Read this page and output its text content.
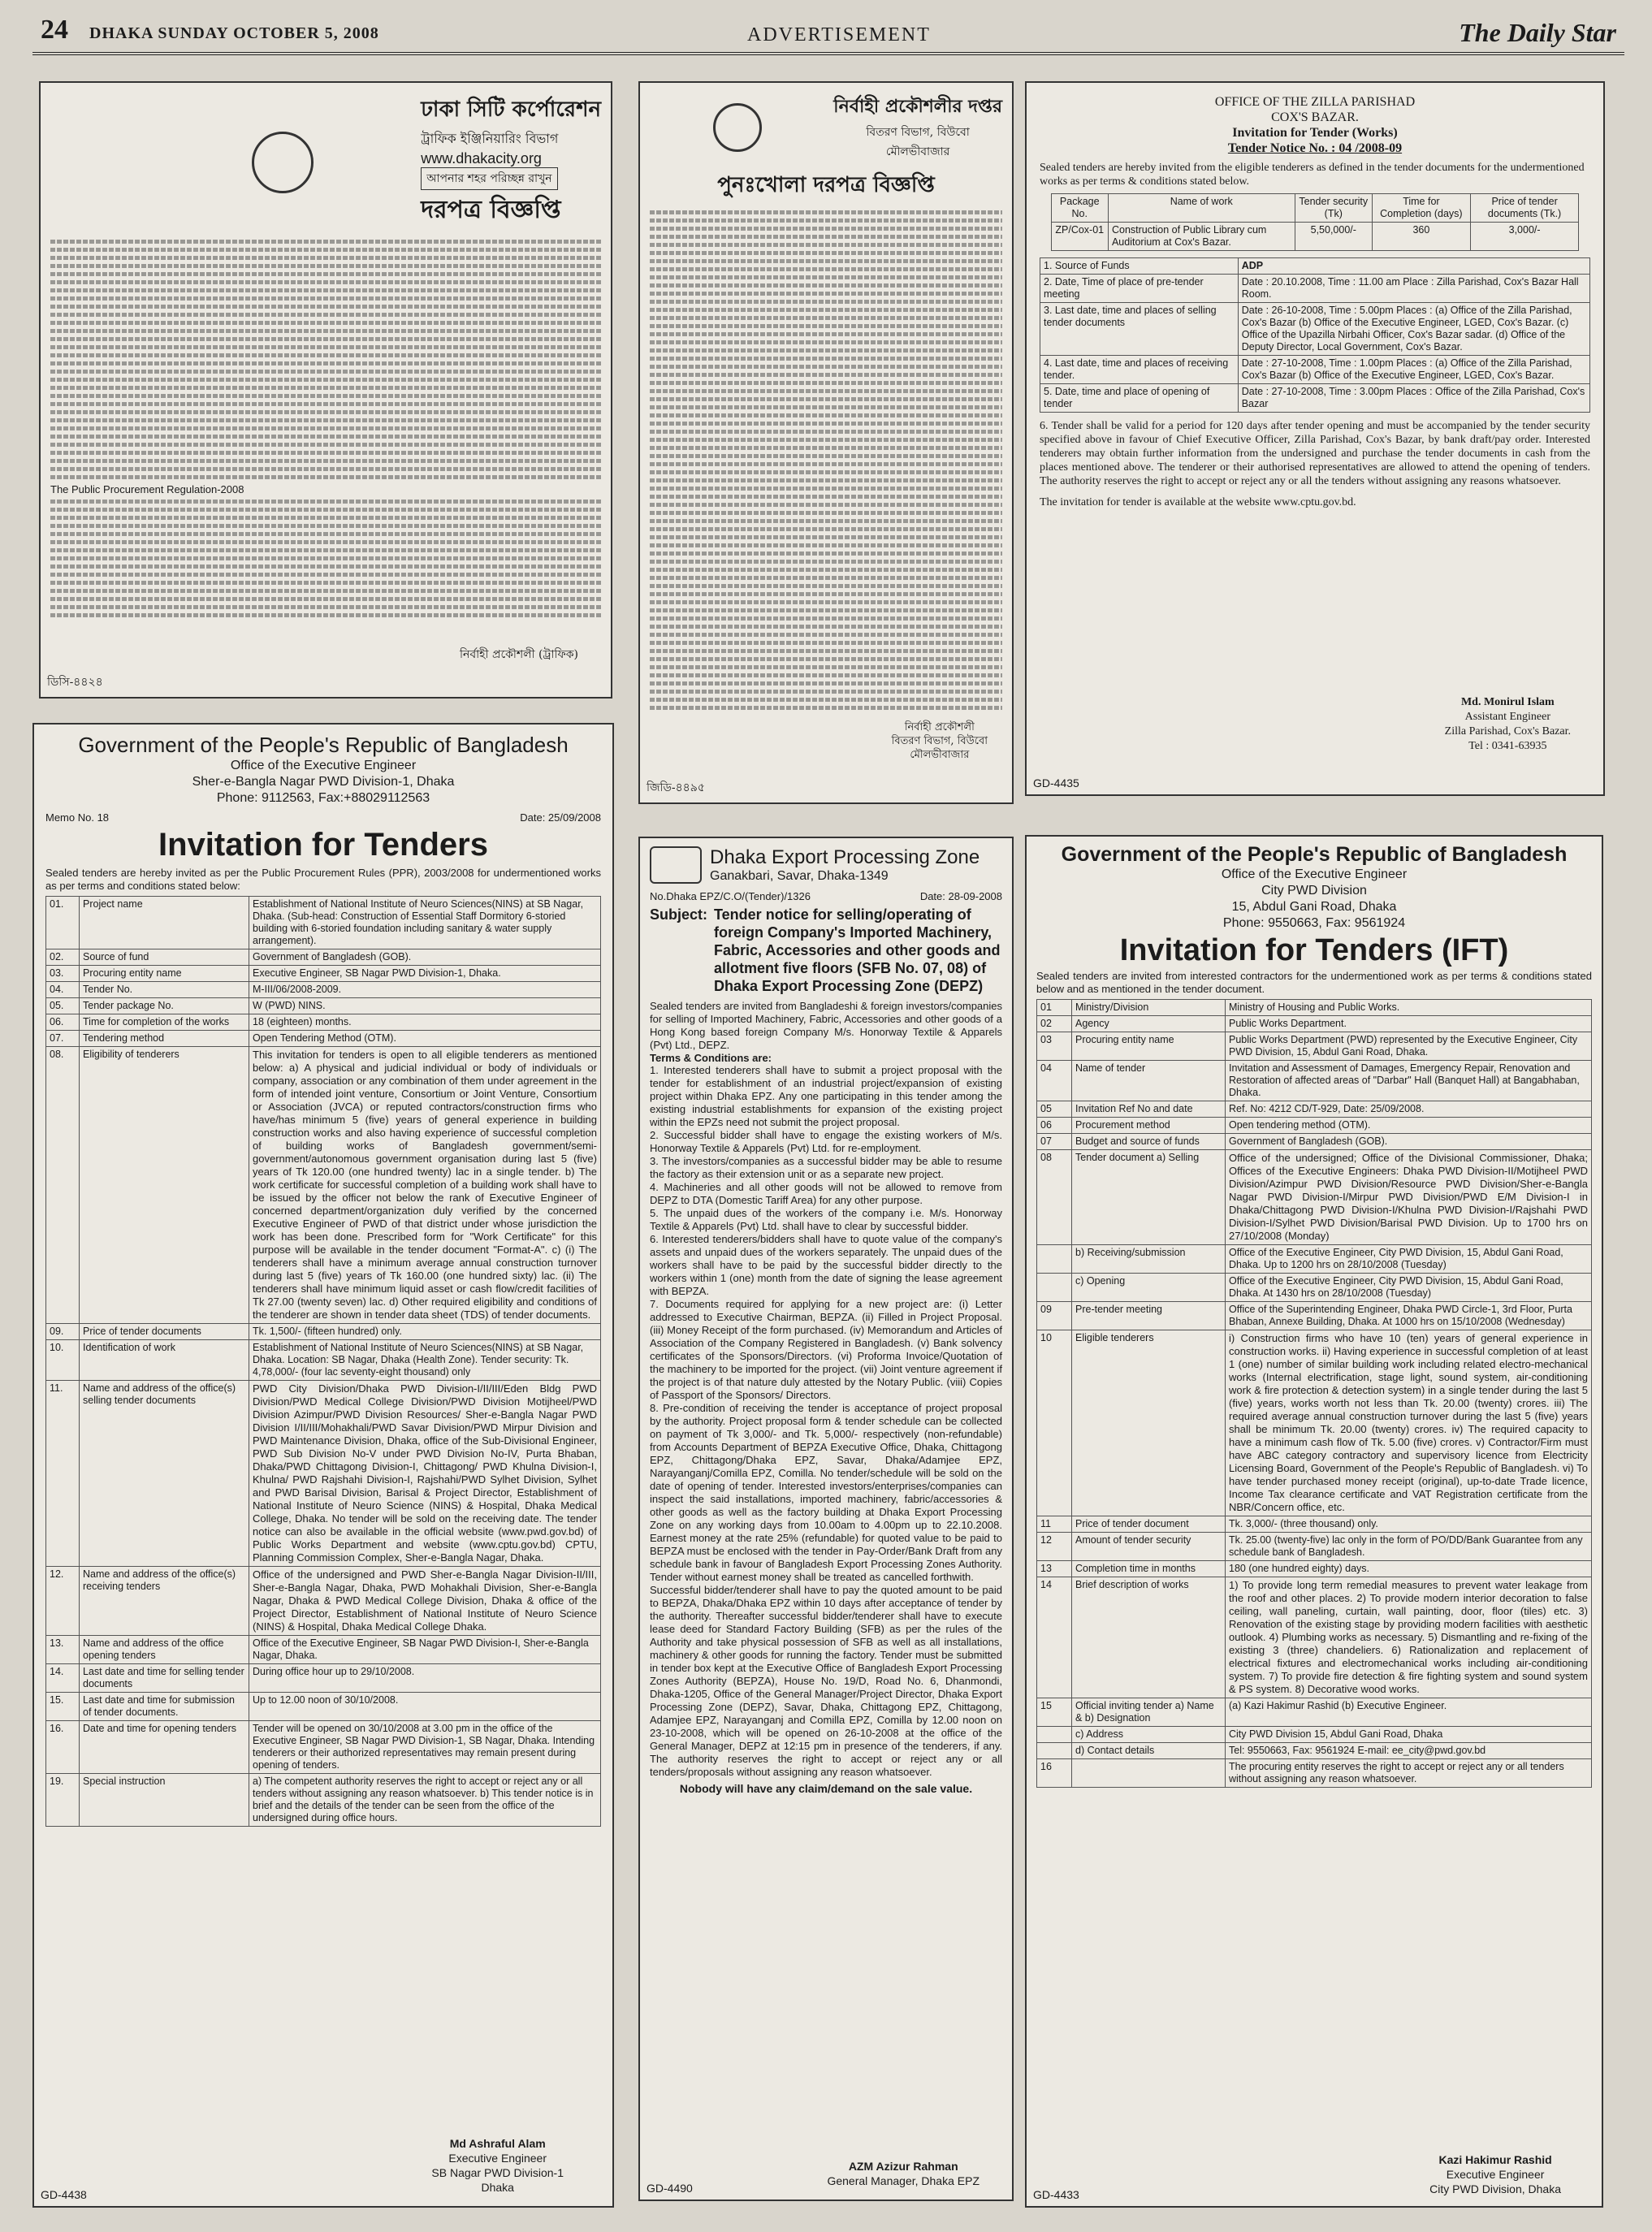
24 DHAKA SUNDAY OCTOBER 5, 2008	ADVERTISEMENT	The Daily Star
ঢাকা সিটি কর্পোরেশন
ট্রাফিক ইঞ্জিনিয়ারিং বিভাগ
www.dhakacity.org
আপনার শহর পরিচ্ছন্ন রাখুন
দরপত্র বিজ্ঞপ্তি
The Public Procurement Regulation-2008
নির্বাহী প্রকৌশলী (ট্রাফিক)
ডিসি-৪৪২৪
নির্বাহী প্রকৌশলীর দপ্তর
বিতরণ বিভাগ, বিউবো
মৌলভীবাজার
পুনঃখোলা দরপত্র বিজ্ঞপ্তি
নির্বাহী প্রকৌশলী
বিতরণ বিভাগ, বিউবো
মৌলভীবাজার
জিডি-৪৪৯৫
OFFICE OF THE ZILLA PARISHAD
COX'S BAZAR.
Invitation for Tender (Works)
Tender Notice No. : 04 /2008-09
Sealed tenders are hereby invited from the eligible tenderers as defined in the tender documents for the undermentioned works as per terms & conditions stated below.
Package No.	Name of work	Tender security (Tk)	Time for Completion (days)	Price of tender documents (Tk.)
ZP/Cox-01	Construction of Public Library cum Auditorium at Cox's Bazar.	5,50,000/-	360	3,000/-
1. Source of Funds	ADP
2. Date, Time of place of pre-tender meeting	Date : 20.10.2008, Time : 11.00 am Place : Zilla Parishad, Cox's Bazar Hall Room.
3. Last date, time and places of selling tender documents	Date : 26-10-2008, Time : 5.00pm Places : (a) Office of the Zilla Parishad, Cox's Bazar (b) Office of the Executive Engineer, LGED, Cox's Bazar. (c) Office of the Upazilla Nirbahi Officer, Cox's Bazar sadar. (d) Office of the Deputy Director, Local Government, Cox's Bazar.
4. Last date, time and places of receiving tender.	Date : 27-10-2008, Time : 1.00pm Places : (a) Office of the Zilla Parishad, Cox's Bazar (b) Office of the Executive Engineer, LGED, Cox's Bazar.
5. Date, time and place of opening of tender	Date : 27-10-2008, Time : 3.00pm Places : Office of the Zilla Parishad, Cox's Bazar
6. Tender shall be valid for a period for 120 days after tender opening and must be accompanied by the tender security specified above in favour of Chief Executive Officer, Zilla Parishad, Cox's Bazar, by bank draft/pay order. Interested tenderers may obtain further information from the undersigned and purchase the tender documents in cash from the places mentioned above. The tenderer or their authorised representatives are allowed to attend the opening of tenders. The authority reserves the right to accept or reject any or all the tenders without assigning any reasons whatsoever.
The invitation for tender is available at the website www.cptu.gov.bd.
Md. Monirul Islam
Assistant Engineer
Zilla Parishad, Cox's Bazar.
Tel : 0341-63935
GD-4435
Government of the People's Republic of Bangladesh
Office of the Executive Engineer
Sher-e-Bangla Nagar PWD Division-1, Dhaka
Phone: 9112563, Fax:+88029112563
Memo No. 18	Date: 25/09/2008
Invitation for Tenders
Sealed tenders are hereby invited as per the Public Procurement Rules (PPR), 2003/2008 for undermentioned works as per terms and conditions stated below:
01.	Project name	Establishment of National Institute of Neuro Sciences(NINS) at SB Nagar, Dhaka. (Sub-head: Construction of Essential Staff Dormitory 6-storied building with 6-storied foundation including sanitary & water supply arrangement).
02.	Source of fund	Government of Bangladesh (GOB).
03.	Procuring entity name	Executive Engineer, SB Nagar PWD Division-1, Dhaka.
04.	Tender No.	M-III/06/2008-2009.
05.	Tender package No.	W (PWD) NINS.
06.	Time for completion of the works	18 (eighteen) months.
07.	Tendering method	Open Tendering Method (OTM).
08.	Eligibility of tenderers	This invitation for tenders is open to all eligible tenderers as mentioned below: a) A physical and judicial individual or body of individuals or company, association or any combination of them under agreement in the form of intended joint venture, Consortium or Joint Venture, Consortium or Association (JVCA) or reputed contractors/construction firms who have/has minimum 5 (five) years of general experience in building construction works and also having experience of successful completion of building works of Bangladesh government/semi-government/autonomous government organisation during last 5 (five) years of Tk 120.00 (one hundred twenty) lac in a single tender. b) The work certificate for successful completion of a building work shall have to be issued by the officer not below the rank of Executive Engineer of concerned department/organization duly verified by the concerned Executive Engineer of PWD of that district under whose jurisdiction the work has been done. Prescribed form for "Work Certificate" for this purpose will be available in the tender document "Format-A". c) (i) The tenderers shall have a minimum average annual construction turnover during last 5 (five) years of Tk 160.00 (one hundred sixty) lac. (ii) The tenderers shall have minimum liquid asset or cash flow/credit facilities of Tk 27.00 (twenty seven) lac. d) Other required eligibility and conditions of the tenderer are shown in tender data sheet (TDS) of tender documents.
09.	Price of tender documents	Tk. 1,500/- (fifteen hundred) only.
10.	Identification of work	Establishment of National Institute of Neuro Sciences(NINS) at SB Nagar, Dhaka. Location: SB Nagar, Dhaka (Health Zone). Tender security: Tk. 4,78,000/- (four lac seventy-eight thousand) only
11.	Name and address of the office(s) selling tender documents	PWD City Division/Dhaka PWD Division-I/II/III/Eden Bldg PWD Division/PWD Medical College Division/PWD Division Motijheel/PWD Division Azimpur/PWD Division Resources/ Sher-e-Bangla Nagar PWD Division I/II/III/Mohakhali/PWD Savar Division/PWD Mirpur Division and PWD Maintenance Division, Dhaka, office of the Sub-Divisional Engineer, PWD Sub Division No-V under PWD Division No-IV, Purta Bhaban, Dhaka/PWD Chittagong Division-I, Chittagong/ PWD Khulna Division-I, Khulna/ PWD Rajshahi Division-I, Rajshahi/PWD Sylhet Division, Sylhet and PWD Barisal Division, Barisal & Project Director, Establishment of National Institute of Neuro Science (NINS) & Hospital, Dhaka Medical College, Dhaka. No tender will be sold on the receiving date. The tender notice can also be available in the official website (www.pwd.gov.bd) of Public Works Department and website (www.cptu.gov.bd) CPTU, Planning Commission Complex, Sher-e-Bangla Nagar, Dhaka.
12.	Name and address of the office(s) receiving tenders	Office of the undersigned and PWD Sher-e-Bangla Nagar Division-II/III, Sher-e-Bangla Nagar, Dhaka, PWD Mohakhali Division, Sher-e-Bangla Nagar, Dhaka & PWD Medical College Division, Dhaka & office of the Project Director, Establishment of National Institute of Neuro Science (NINS) & Hospital, Dhaka Medical College Dhaka.
13.	Name and address of the office opening tenders	Office of the Executive Engineer, SB Nagar PWD Division-I, Sher-e-Bangla Nagar, Dhaka.
14.	Last date and time for selling tender documents	During office hour up to 29/10/2008.
15.	Last date and time for submission of tender documents.	Up to 12.00 noon of 30/10/2008.
16.	Date and time for opening tenders	Tender will be opened on 30/10/2008 at 3.00 pm in the office of the Executive Engineer, SB Nagar PWD Division-1, SB Nagar, Dhaka. Intending tenderers or their authorized representatives may remain present during opening of tenders.
19.	Special instruction	a) The competent authority reserves the right to accept or reject any or all tenders without assigning any reason whatsoever. b) This tender notice is in brief and the details of the tender can be seen from the office of the undersigned during office hours.
Md Ashraful Alam
Executive Engineer
SB Nagar PWD Division-1
Dhaka
GD-4438
Dhaka Export Processing Zone
Ganakbari, Savar, Dhaka-1349
No.Dhaka EPZ/C.O/(Tender)/1326	Date: 28-09-2008
Subject: Tender notice for selling/operating of foreign Company's Imported Machinery, Fabric, Accessories and other goods and allotment five floors (SFB No. 07, 08) of Dhaka Export Processing Zone (DEPZ)
Sealed tenders are invited from Bangladeshi & foreign investors/companies for selling of Imported Machinery, Fabric, Accessories and other goods of a Hong Kong based foreign Company M/s. Honorway Textile & Apparels (Pvt) Ltd., DEPZ.
Terms & Conditions are:
1. Interested tenderers shall have to submit a project proposal with the tender for establishment of an industrial project/expansion of existing project within Dhaka EPZ. Any one participating in this tender among the existing industrial establishments for expansion of the existing project within the EPZs need not submit the project proposal.
2. Successful bidder shall have to engage the existing workers of M/s. Honorway Textile & Apparels (Pvt) Ltd. for re-employment.
3. The investors/companies as a successful bidder may be able to resume the factory as their extension unit or as a separate new project.
4. Machineries and all other goods will not be allowed to remove from DEPZ to DTA (Domestic Tariff Area) for any other purpose.
5. The unpaid dues of the workers of the company i.e. M/s. Honorway Textile & Apparels (Pvt) Ltd. shall have to clear by successful bidder.
6. Interested tenderers/bidders shall have to quote value of the company's assets and unpaid dues of the workers separately. The unpaid dues of the workers shall have to be paid by the successful bidder directly to the workers within 1 (one) month from the date of signing the lease agreement with BEPZA.
7. Documents required for applying for a new project are: (i) Letter addressed to Executive Chairman, BEPZA. (ii) Filled in Project Proposal. (iii) Money Receipt of the form purchased. (iv) Memorandum and Articles of Association of the Company Registered in Bangladesh. (v) Bank solvency certificates of the Sponsors/Directors. (vi) Proforma Invoice/Quotation of the machinery to be imported for the project. (vii) Joint venture agreement if the project is of that nature duly attested by the Notary Public. (viii) Copies of Passport of the Sponsors/ Directors.
8. Pre-condition of receiving the tender is acceptance of project proposal by the authority. Project proposal form & tender schedule can be collected on payment of Tk 3,000/- and Tk. 5,000/- respectively (non-refundable) from Accounts Department of BEPZA Executive Office, Dhaka, Chittagong EPZ, Chittagong/Dhaka EPZ, Savar, Dhaka/Adamjee EPZ, Narayanganj/Comilla EPZ, Comilla. No tender/schedule will be sold on the date of opening of tender. Interested investors/enterprises/companies can inspect the said installations, imported machinery, fabric/accessories & other goods as well as the factory building at Dhaka Export Processing Zone on any working days from 10.00am to 4.00pm up to 22.10.2008. Earnest money at the rate 25% (refundable) for quoted value to be paid to BEPZA must be enclosed with the tender in Pay-Order/Bank Draft from any schedule bank in favour of Bangladesh Export Processing Zones Authority. Tender without earnest money shall be treated as cancelled forthwith.
Successful bidder/tenderer shall have to pay the quoted amount to be paid to BEPZA, Dhaka/Dhaka EPZ within 10 days after acceptance of tender by the authority. Thereafter successful bidder/tenderer shall have to execute lease deed for Standard Factory Building (SFB) as per the rules of the Authority and take physical possession of SFB as well as all installations, machinery & other goods for running the factory. Tender must be submitted in tender box kept at the Executive Office of Bangladesh Export Processing Zones Authority (BEPZA), House No. 19/D, Road No. 6, Dhanmondi, Dhaka-1205, Office of the General Manager/Project Director, Dhaka Export Processing Zone (DEPZ), Savar, Dhaka, Chittagong EPZ, Chittagong, Adamjee EPZ, Narayanganj and Comilla EPZ, Comilla by 12.00 noon on 23-10-2008, which will be opened on 26-10-2008 at the office of the General Manager, DEPZ at 12:15 pm in presence of the tenderers, if any. The authority reserves the right to accept or reject any or all tenders/proposals without assigning any reason whatsoever.
Nobody will have any claim/demand on the sale value.
AZM Azizur Rahman
General Manager, Dhaka EPZ
GD-4490
Government of the People's Republic of Bangladesh
Office of the Executive Engineer
City PWD Division
15, Abdul Gani Road, Dhaka
Phone: 9550663, Fax: 9561924
Invitation for Tenders (IFT)
Sealed tenders are invited from interested contractors for the undermentioned work as per terms & conditions stated below and as mentioned in the tender document.
01	Ministry/Division	Ministry of Housing and Public Works.
02	Agency	Public Works Department.
03	Procuring entity name	Public Works Department (PWD) represented by the Executive Engineer, City PWD Division, 15, Abdul Gani Road, Dhaka.
04	Name of tender	Invitation and Assessment of Damages, Emergency Repair, Renovation and Restoration of affected areas of "Darbar" Hall (Banquet Hall) at Bangabhaban, Dhaka.
05	Invitation Ref No and date	Ref. No: 4212 CD/T-929, Date: 25/09/2008.
06	Procurement method	Open tendering method (OTM).
07	Budget and source of funds	Government of Bangladesh (GOB).
08	Tender document a) Selling	Office of the undersigned; Office of the Divisional Commissioner, Dhaka; Offices of the Executive Engineers: Dhaka PWD Division-II/Motijheel PWD Division/Azimpur PWD Division/Resource PWD Division/Sher-e-Bangla Nagar PWD Division-I/Mirpur PWD Division/PWD E/M Division-I in Dhaka/Chittagong PWD Division-I/Khulna PWD Division-I/Rajshahi PWD Division-I/Sylhet PWD Division/Barisal PWD Division. Up to 1700 hrs on 27/10/2008 (Monday)
	b) Receiving/submission	Office of the Executive Engineer, City PWD Division, 15, Abdul Gani Road, Dhaka. Up to 1200 hrs on 28/10/2008 (Tuesday)
	c) Opening	Office of the Executive Engineer, City PWD Division, 15, Abdul Gani Road, Dhaka. At 1430 hrs on 28/10/2008 (Tuesday)
09	Pre-tender meeting	Office of the Superintending Engineer, Dhaka PWD Circle-1, 3rd Floor, Purta Bhaban, Annexe Building, Dhaka. At 1000 hrs on 15/10/2008 (Wednesday)
10	Eligible tenderers	i) Construction firms who have 10 (ten) years of general experience in construction works. ii) Having experience in successful completion of at least 1 (one) number of similar building work including related electro-mechanical works (Internal electrification, stage light, sound system, air-conditioning work & fire protection & detection system) in a single tender during the last 5 (five) years, works worth not less than Tk. 20.00 (twenty) crores. iii) The required average annual construction turnover during the last 5 (five) years shall be minimum Tk. 20.00 (twenty) crores. iv) The required capacity to have a minimum cash flow of Tk. 5.00 (five) crores. v) Contractor/Firm must have ABC category contractory and supervisory licence from Electricity Licensing Board, Government of the People's Republic of Bangladesh. vi) To have tender purchased money receipt (original), up-to-date Trade licence, Income Tax clearance certificate and VAT Registration certificate from the NBR/Concern office, etc.
11	Price of tender document	Tk. 3,000/- (three thousand) only.
12	Amount of tender security	Tk. 25.00 (twenty-five) lac only in the form of PO/DD/Bank Guarantee from any schedule bank of Bangladesh.
13	Completion time in months	180 (one hundred eighty) days.
14	Brief description of works	1) To provide long term remedial measures to prevent water leakage from the roof and other places. 2) To provide modern interior decoration to false ceiling, wall paneling, curtain, wall painting, door, floor (tiles) etc. 3) Renovation of the existing stage by providing modern facilities with aesthetic outlook. 4) Plumbing works as necessary. 5) Dismantling and re-fixing of the existing 3 (three) chandeliers. 6) Rationalization and replacement of electrical fixtures and electromechanical works including air-conditioning system. 7) To provide fire detection & fire fighting system and sound system & PS system. 8) Decorative wood works.
15	Official inviting tender a) Name & b) Designation	(a) Kazi Hakimur Rashid (b) Executive Engineer.
	c) Address	City PWD Division 15, Abdul Gani Road, Dhaka
	d) Contact details	Tel: 9550663, Fax: 9561924 E-mail: ee_city@pwd.gov.bd
16		The procuring entity reserves the right to accept or reject any or all tenders without assigning any reason whatsoever.
Kazi Hakimur Rashid
Executive Engineer
City PWD Division, Dhaka
GD-4433
